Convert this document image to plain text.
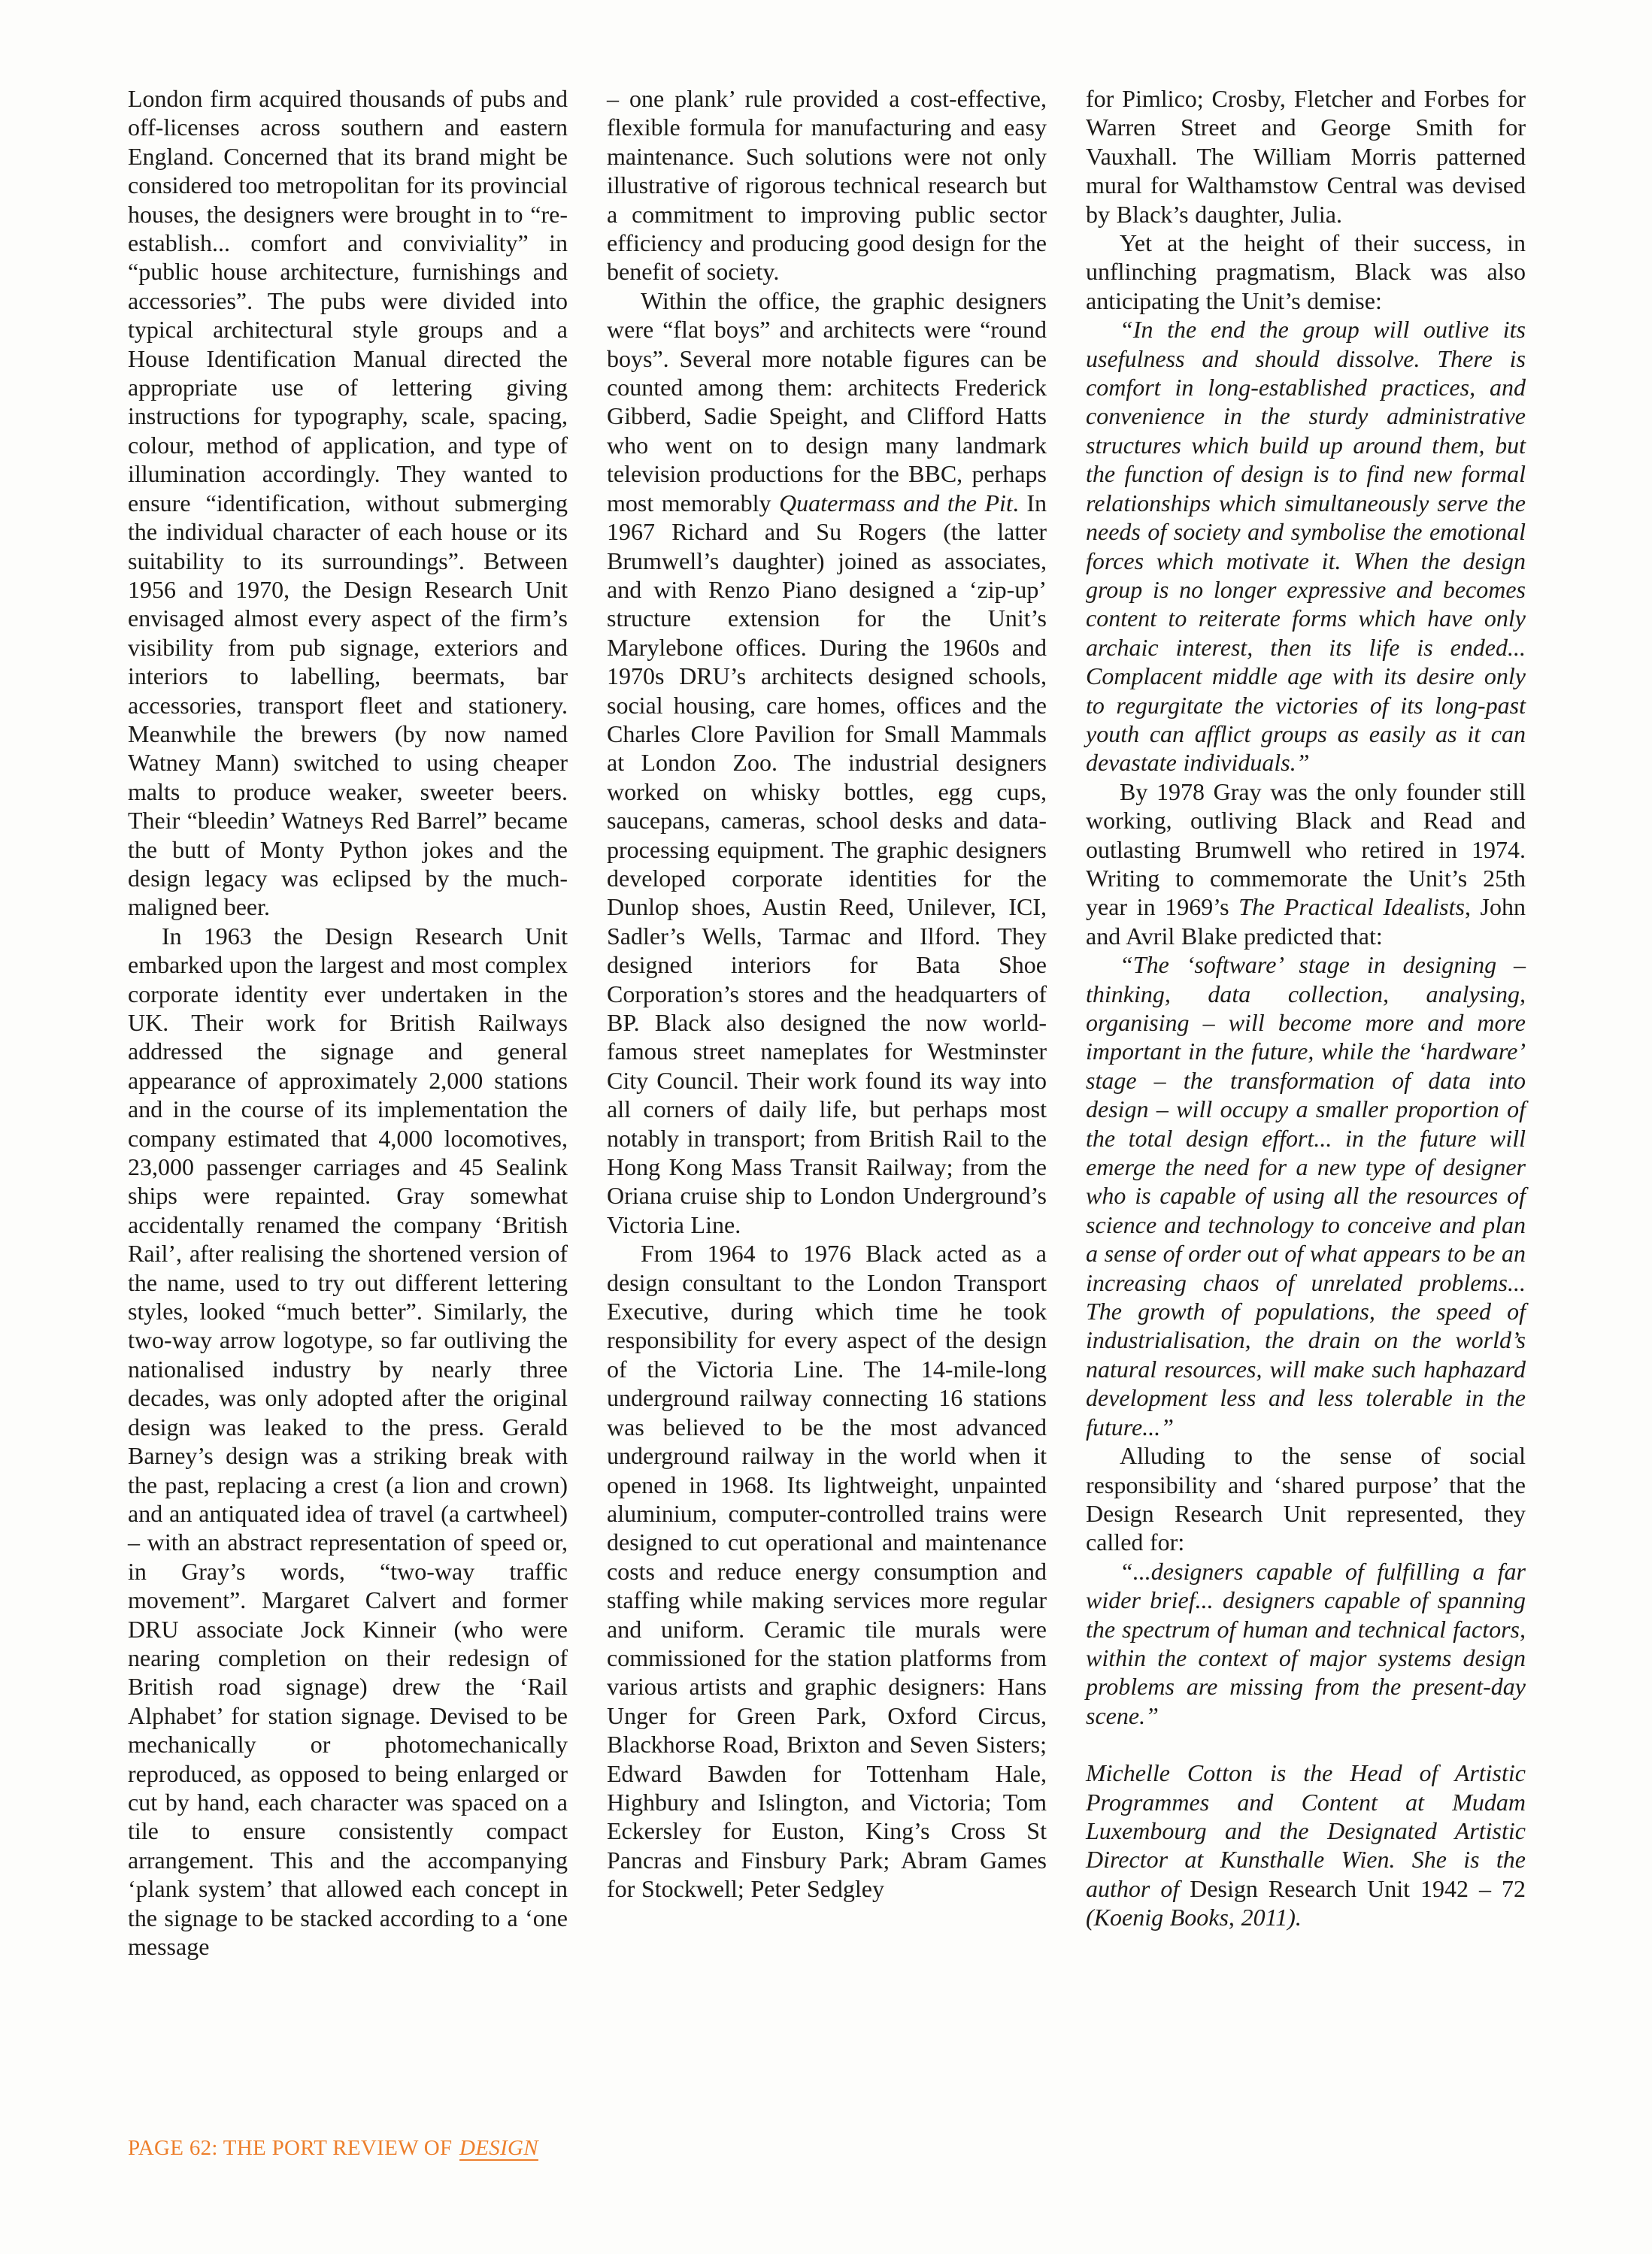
London firm acquired thousands of pubs and off-licenses across southern and eastern England. Concerned that its brand might be considered too metropolitan for its provincial houses, the designers were brought in to “re-establish... comfort and conviviality” in “public house architecture, furnishings and accessories”. The pubs were divided into typical architectural style groups and a House Identification Manual directed the appropriate use of lettering giving instructions for typography, scale, spacing, colour, method of application, and type of illumination accordingly. They wanted to ensure “identification, without submerging the individual character of each house or its suitability to its surroundings”. Between 1956 and 1970, the Design Research Unit envisaged almost every aspect of the firm’s visibility from pub signage, exteriors and interiors to labelling, beermats, bar accessories, transport fleet and stationery. Meanwhile the brewers (by now named Watney Mann) switched to using cheaper malts to produce weaker, sweeter beers. Their “bleedin’ Watneys Red Barrel” became the butt of Monty Python jokes and the design legacy was eclipsed by the much-maligned beer.

In 1963 the Design Research Unit embarked upon the largest and most complex corporate identity ever undertaken in the UK. Their work for British Railways addressed the signage and general appearance of approximately 2,000 stations and in the course of its implementation the company estimated that 4,000 locomotives, 23,000 passenger carriages and 45 Sealink ships were repainted. Gray somewhat accidentally renamed the company ‘British Rail’, after realising the shortened version of the name, used to try out different lettering styles, looked “much better”. Similarly, the two-way arrow logotype, so far outliving the nationalised industry by nearly three decades, was only adopted after the original design was leaked to the press. Gerald Barney’s design was a striking break with the past, replacing a crest (a lion and crown) and an antiquated idea of travel (a cartwheel) – with an abstract representation of speed or, in Gray’s words, “two-way traffic movement”. Margaret Calvert and former DRU associate Jock Kinneir (who were nearing completion on their redesign of British road signage) drew the ‘Rail Alphabet’ for station signage. Devised to be mechanically or photomechanically reproduced, as opposed to being enlarged or cut by hand, each character was spaced on a tile to ensure consistently compact arrangement. This and the accompanying ‘plank system’ that allowed each concept in the signage to be stacked according to a ‘one message

– one plank’ rule provided a cost-effective, flexible formula for manufacturing and easy maintenance. Such solutions were not only illustrative of rigorous technical research but a commitment to improving public sector efficiency and producing good design for the benefit of society.

Within the office, the graphic designers were “flat boys” and architects were “round boys”. Several more notable figures can be counted among them: architects Frederick Gibberd, Sadie Speight, and Clifford Hatts who went on to design many landmark television productions for the BBC, perhaps most memorably Quatermass and the Pit. In 1967 Richard and Su Rogers (the latter Brumwell’s daughter) joined as associates, and with Renzo Piano designed a ‘zip-up’ structure extension for the Unit’s Marylebone offices. During the 1960s and 1970s DRU’s architects designed schools, social housing, care homes, offices and the Charles Clore Pavilion for Small Mammals at London Zoo. The industrial designers worked on whisky bottles, egg cups, saucepans, cameras, school desks and data-processing equipment. The graphic designers developed corporate identities for the Dunlop shoes, Austin Reed, Unilever, ICI, Sadler’s Wells, Tarmac and Ilford. They designed interiors for Bata Shoe Corporation’s stores and the headquarters of BP. Black also designed the now world-famous street nameplates for Westminster City Council. Their work found its way into all corners of daily life, but perhaps most notably in transport; from British Rail to the Hong Kong Mass Transit Railway; from the Oriana cruise ship to London Underground’s Victoria Line.

From 1964 to 1976 Black acted as a design consultant to the London Transport Executive, during which time he took responsibility for every aspect of the design of the Victoria Line. The 14-mile-long underground railway connecting 16 stations was believed to be the most advanced underground railway in the world when it opened in 1968. Its lightweight, unpainted aluminium, computer-controlled trains were designed to cut operational and maintenance costs and reduce energy consumption and staffing while making services more regular and uniform. Ceramic tile murals were commissioned for the station platforms from various artists and graphic designers: Hans Unger for Green Park, Oxford Circus, Blackhorse Road, Brixton and Seven Sisters; Edward Bawden for Tottenham Hale, Highbury and Islington, and Victoria; Tom Eckersley for Euston, King’s Cross St Pancras and Finsbury Park; Abram Games for Stockwell; Peter Sedgley

for Pimlico; Crosby, Fletcher and Forbes for Warren Street and George Smith for Vauxhall. The William Morris patterned mural for Walthamstow Central was devised by Black’s daughter, Julia.

Yet at the height of their success, in unflinching pragmatism, Black was also anticipating the Unit’s demise:

“In the end the group will outlive its usefulness and should dissolve. There is comfort in long-established practices, and convenience in the sturdy administrative structures which build up around them, but the function of design is to find new formal relationships which simultaneously serve the needs of society and symbolise the emotional forces which motivate it. When the design group is no longer expressive and becomes content to reiterate forms which have only archaic interest, then its life is ended... Complacent middle age with its desire only to regurgitate the victories of its long-past youth can afflict groups as easily as it can devastate individuals.”

By 1978 Gray was the only founder still working, outliving Black and Read and outlasting Brumwell who retired in 1974. Writing to commemorate the Unit’s 25th year in 1969’s The Practical Idealists, John and Avril Blake predicted that:

“The ‘software’ stage in designing – thinking, data collection, analysing, organising – will become more and more important in the future, while the ‘hardware’ stage – the transformation of data into design – will occupy a smaller proportion of the total design effort... in the future will emerge the need for a new type of designer who is capable of using all the resources of science and technology to conceive and plan a sense of order out of what appears to be an increasing chaos of unrelated problems... The growth of populations, the speed of industrialisation, the drain on the world’s natural resources, will make such haphazard development less and less tolerable in the future...”

Alluding to the sense of social responsibility and ‘shared purpose’ that the Design Research Unit represented, they called for:

“...designers capable of fulfilling a far wider brief... designers capable of spanning the spectrum of human and technical factors, within the context of major systems design problems are missing from the present-day scene.”

Michelle Cotton is the Head of Artistic Programmes and Content at Mudam Luxembourg and the Designated Artistic Director at Kunsthalle Wien. She is the author of Design Research Unit 1942 – 72 (Koenig Books, 2011).

PAGE 62: THE PORT REVIEW OF DESIGN
